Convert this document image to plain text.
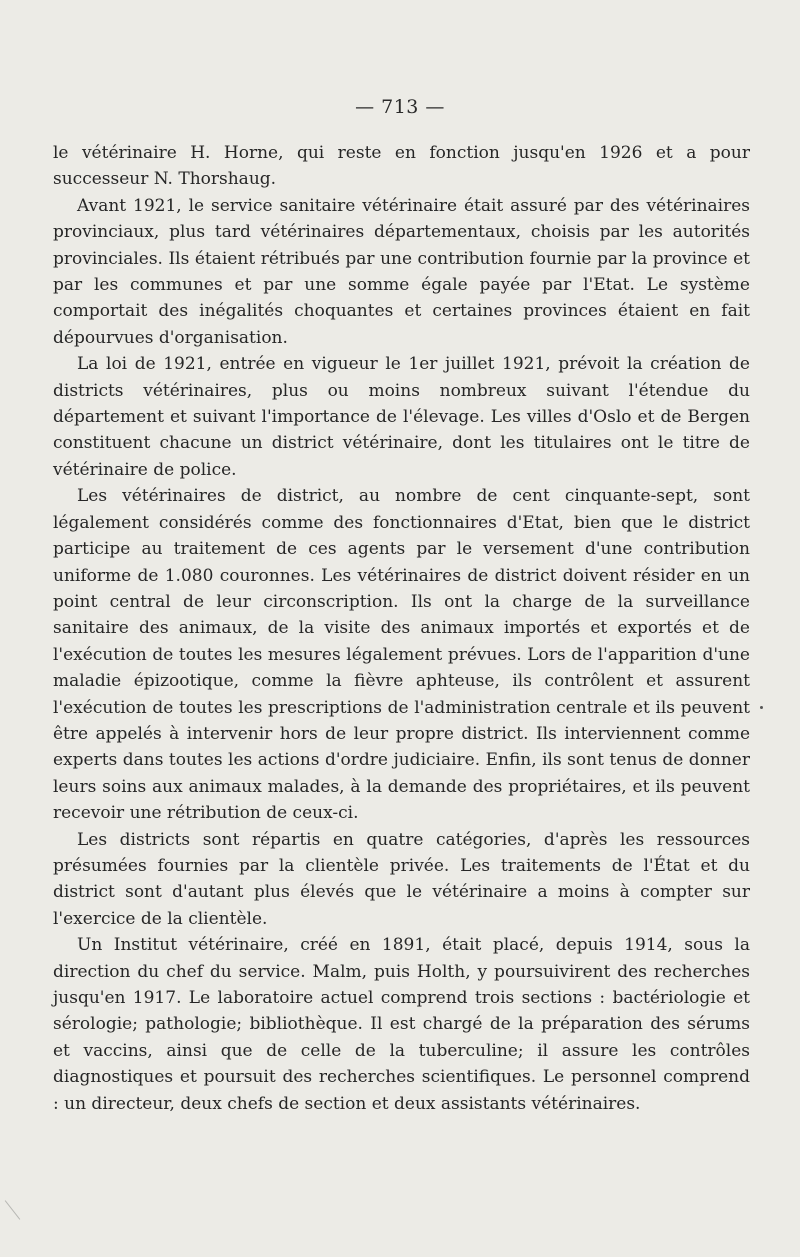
— 713 —

le vétérinaire H. Horne, qui reste en fonction jusqu'en 1926 et a pour successeur N. Thorshaug.

Avant 1921, le service sanitaire vétérinaire était assuré par des vétérinaires provinciaux, plus tard vétérinaires départementaux, choisis par les autorités provinciales. Ils étaient rétribués par une contribution fournie par la province et par les communes et par une somme égale payée par l'Etat. Le système comportait des inégalités choquantes et certaines provinces étaient en fait dépourvues d'organisation.

La loi de 1921, entrée en vigueur le 1er juillet 1921, prévoit la création de districts vétérinaires, plus ou moins nombreux suivant l'étendue du département et suivant l'importance de l'élevage. Les villes d'Oslo et de Bergen constituent chacune un district vétérinaire, dont les titulaires ont le titre de vétérinaire de police.

Les vétérinaires de district, au nombre de cent cinquante-sept, sont légalement considérés comme des fonctionnaires d'Etat, bien que le district participe au traitement de ces agents par le versement d'une contribution uniforme de 1.080 couronnes. Les vétérinaires de district doivent résider en un point central de leur circonscription. Ils ont la charge de la surveillance sanitaire des animaux, de la visite des animaux importés et exportés et de l'exécution de toutes les mesures légalement prévues. Lors de l'apparition d'une maladie épizootique, comme la fièvre aphteuse, ils contrôlent et assurent l'exécution de toutes les prescriptions de l'administration centrale et ils peuvent être appelés à intervenir hors de leur propre district. Ils interviennent comme experts dans toutes les actions d'ordre judiciaire. Enfin, ils sont tenus de donner leurs soins aux animaux malades, à la demande des propriétaires, et ils peuvent recevoir une rétribution de ceux-ci.

Les districts sont répartis en quatre catégories, d'après les ressources présumées fournies par la clientèle privée. Les traitements de l'État et du district sont d'autant plus élevés que le vétérinaire a moins à compter sur l'exercice de la clientèle.

Un Institut vétérinaire, créé en 1891, était placé, depuis 1914, sous la direction du chef du service. Malm, puis Holth, y poursuivirent des recherches jusqu'en 1917. Le laboratoire actuel comprend trois sections : bactériologie et sérologie; pathologie; bibliothèque. Il est chargé de la préparation des sérums et vaccins, ainsi que de celle de la tuberculine; il assure les contrôles diagnostiques et poursuit des recherches scientifiques. Le personnel comprend : un directeur, deux chefs de section et deux assistants vétérinaires.
